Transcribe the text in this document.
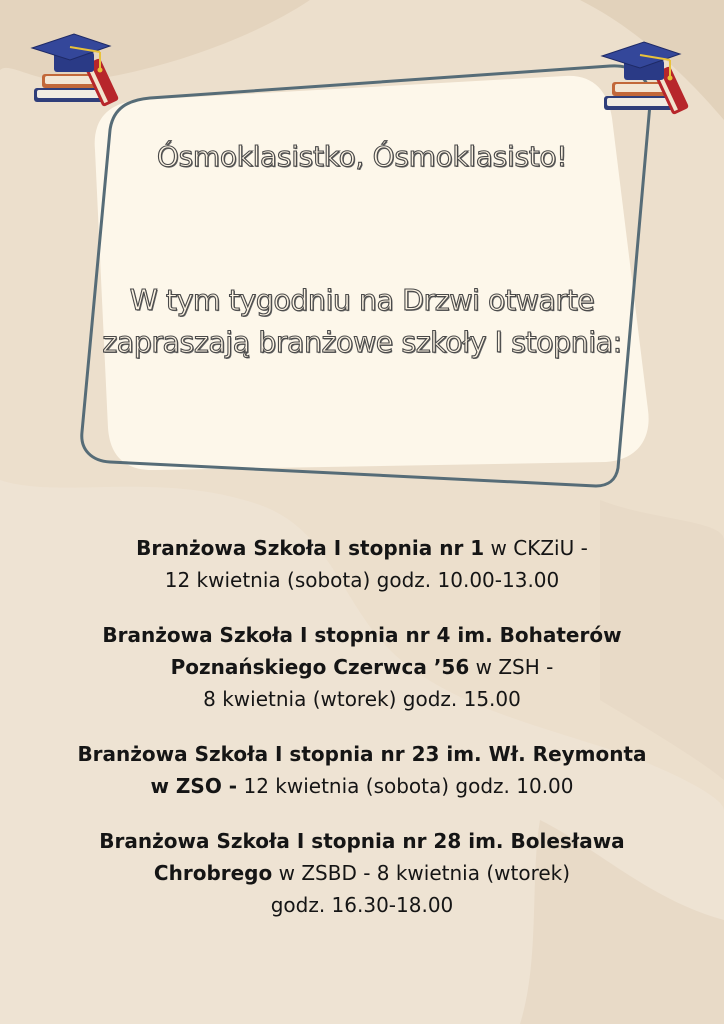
Ósmoklasistko, Ósmoklasisto!
W tym tygodniu na Drzwi otwarte
zapraszają branżowe szkoły I stopnia:

Branżowa Szkoła I stopnia nr 1 w CKZiU -
12 kwietnia (sobota) godz. 10.00-13.00

Branżowa Szkoła I stopnia nr 4 im. Bohaterów
Poznańskiego Czerwca ’56 w ZSH -
8 kwietnia (wtorek) godz. 15.00

Branżowa Szkoła I stopnia nr 23 im. Wł. Reymonta
w ZSO - 12 kwietnia (sobota) godz. 10.00

Branżowa Szkoła I stopnia nr 28 im. Bolesława
Chrobrego w ZSBD - 8 kwietnia (wtorek)
godz. 16.30-18.00
